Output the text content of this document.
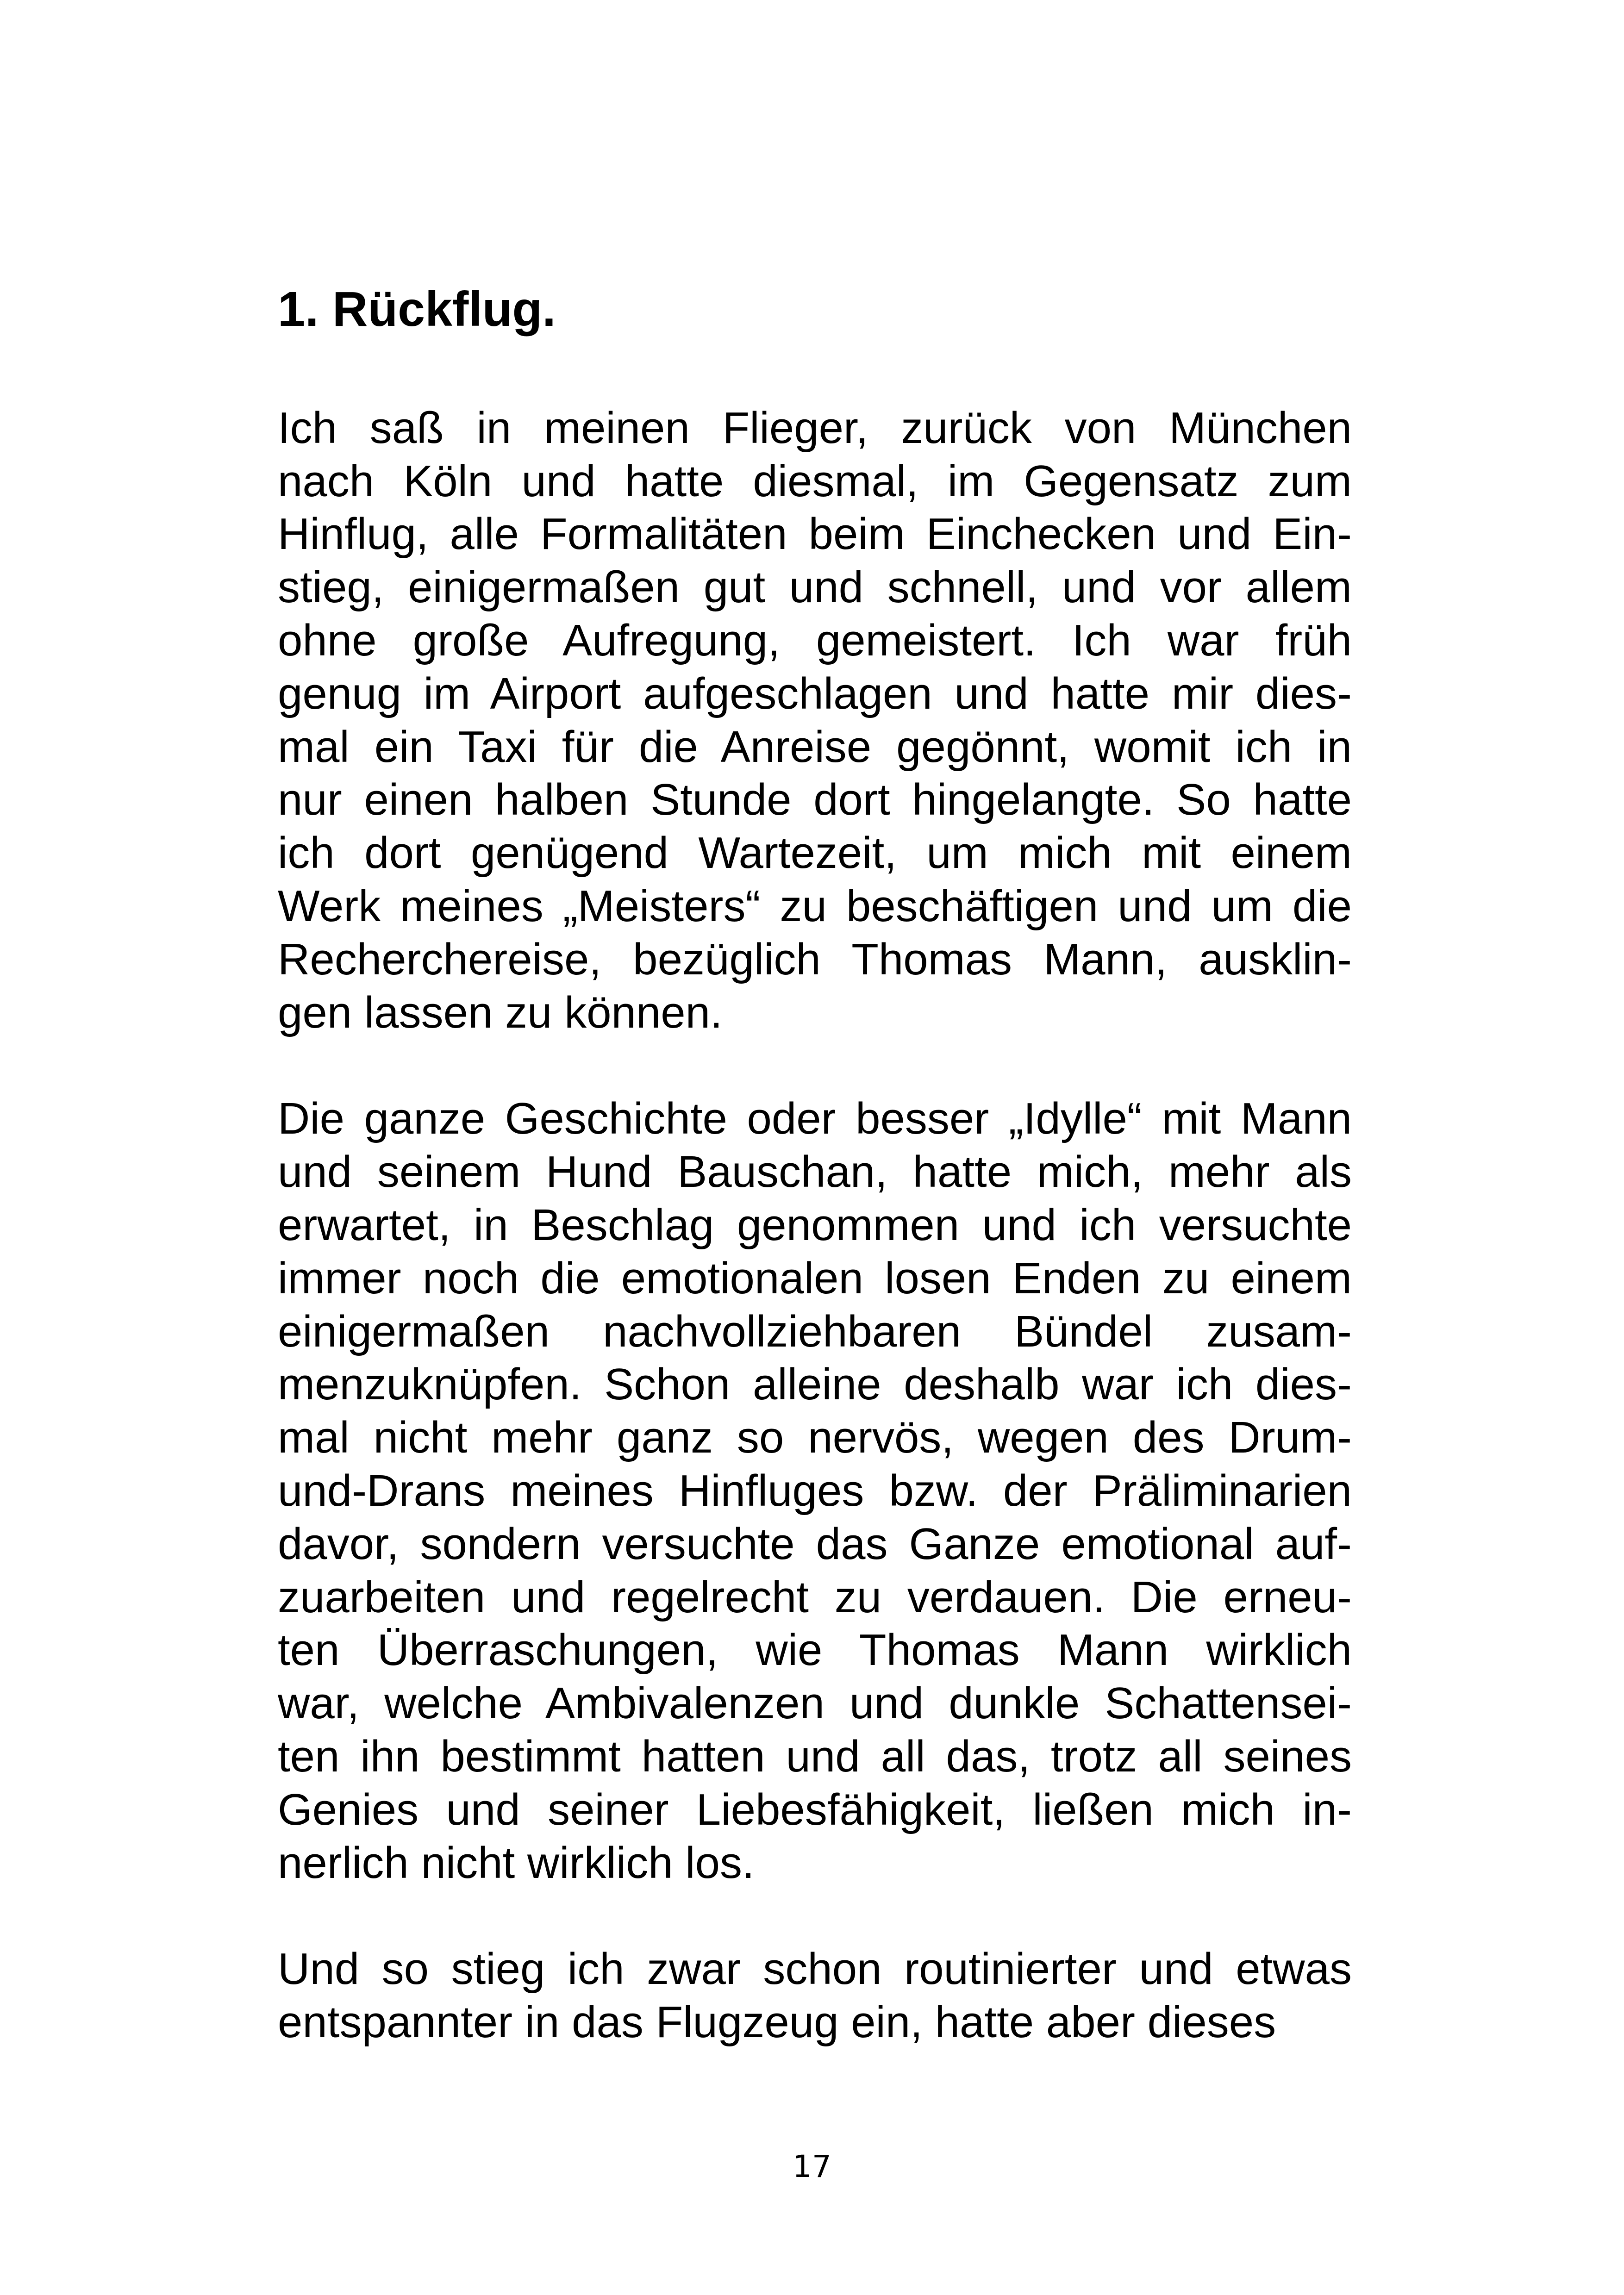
1. Rückflug.

Ich saß in meinen Flieger, zurück von München
nach Köln und hatte diesmal, im Gegensatz zum
Hinflug, alle Formalitäten beim Einchecken und Ein-
stieg, einigermaßen gut und schnell, und vor allem
ohne große Aufregung, gemeistert. Ich war früh
genug im Airport aufgeschlagen und hatte mir dies-
mal ein Taxi für die Anreise gegönnt, womit ich in
nur einen halben Stunde dort hingelangte. So hatte
ich dort genügend Wartezeit, um mich mit einem
Werk meines „Meisters“ zu beschäftigen und um die
Recherchereise, bezüglich Thomas Mann, ausklin-
gen lassen zu können.

Die ganze Geschichte oder besser „Idylle“ mit Mann
und seinem Hund Bauschan, hatte mich, mehr als
erwartet, in Beschlag genommen und ich versuchte
immer noch die emotionalen losen Enden zu einem
einigermaßen nachvollziehbaren Bündel zusam-
menzuknüpfen. Schon alleine deshalb war ich dies-
mal nicht mehr ganz so nervös, wegen des Drum-
und-Drans meines Hinfluges bzw. der Präliminarien
davor, sondern versuchte das Ganze emotional auf-
zuarbeiten und regelrecht zu verdauen. Die erneu-
ten Überraschungen, wie Thomas Mann wirklich
war, welche Ambivalenzen und dunkle Schattensei-
ten ihn bestimmt hatten und all das, trotz all seines
Genies und seiner Liebesfähigkeit, ließen mich in-
nerlich nicht wirklich los.

Und so stieg ich zwar schon routinierter und etwas
entspannter in das Flugzeug ein, hatte aber dieses

17
